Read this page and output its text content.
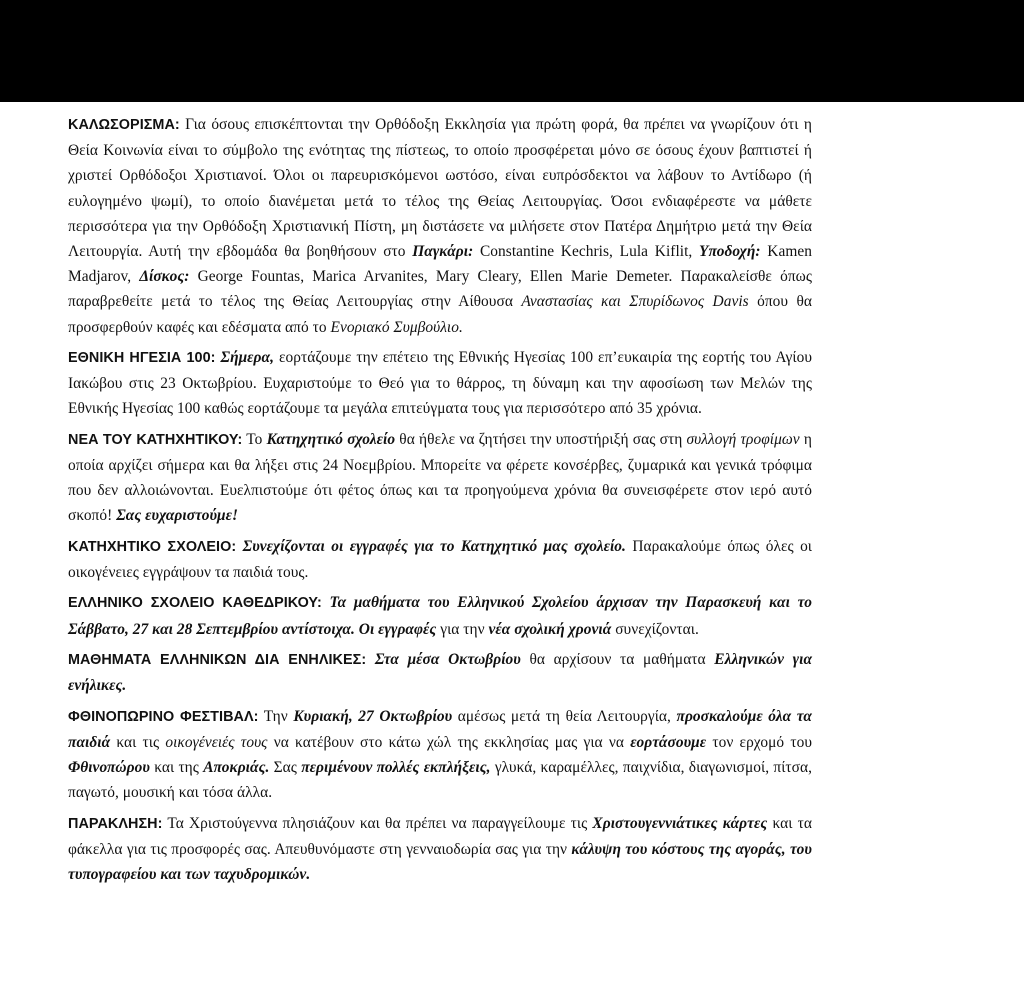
ΚΑΛΩΣΟΡΙΣΜΑ: Για όσους επισκέπτονται την Ορθόδοξη Εκκλησία για πρώτη φορά, θα πρέπει να γνωρίζουν ότι η Θεία Κοινωνία είναι το σύμβολο της ενότητας της πίστεως, το οποίο προσφέρεται μόνο σε όσους έχουν βαπτιστεί ή χριστεί Ορθόδοξοι Χριστιανοί. Όλοι οι παρευρισκόμενοι ωστόσο, είναι ευπρόσδεκτοι να λάβουν το Αντίδωρο (ή ευλογημένο ψωμί), το οποίο διανέμεται μετά το τέλος της Θείας Λειτουργίας. Όσοι ενδιαφέρεστε να μάθετε περισσότερα για την Ορθόδοξη Χριστιανική Πίστη, μη διστάσετε να μιλήσετε στον Πατέρα Δημήτριο μετά την Θεία Λειτουργία. Αυτή την εβδομάδα θα βοηθήσουν στο Παγκάρι: Constantine Kechris, Lula Kiflit, Υποδοχή: Kamen Madjarov, Δίσκος: George Fountas, Marica Arvanites, Mary Cleary, Ellen Marie Demeter. Παρακαλείσθε όπως παραβρεθείτε μετά το τέλος της Θείας Λειτουργίας στην Αίθουσα Αναστασίας και Σπυρίδωνος Davis όπου θα προσφερθούν καφές και εδέσματα από το Ενοριακό Συμβούλιο.

ΕΘΝΙΚΗ ΗΓΕΣΙΑ 100: Σήμερα, εορτάζουμε την επέτειο της Εθνικής Ηγεσίας 100 επ’ευκαιρία της εορτής του Αγίου Ιακώβου στις 23 Οκτωβρίου. Ευχαριστούμε το Θεό για το θάρρος, τη δύναμη και την αφοσίωση των Μελών της Εθνικής Ηγεσίας 100 καθώς εορτάζουμε τα μεγάλα επιτεύγματα τους για περισσότερο από 35 χρόνια.

ΝΕΑ ΤΟΥ ΚΑΤΗΧΗΤΙΚΟΥ: Το Κατηχητικό σχολείο θα ήθελε να ζητήσει την υποστήριξή σας στη συλλογή τροφίμων η οποία αρχίζει σήμερα και θα λήξει στις 24 Νοεμβρίου. Μπορείτε να φέρετε κονσέρβες, ζυμαρικά και γενικά τρόφιμα που δεν αλλοιώνονται. Ευελπιστούμε ότι φέτος όπως και τα προηγούμενα χρόνια θα συνεισφέρετε στον ιερό αυτό σκοπό! Σας ευχαριστούμε!

ΚΑΤΗΧΗΤΙΚΟ ΣΧΟΛΕΙΟ: Συνεχίζονται οι εγγραφές για το Κατηχητικό μας σχολείο. Παρακαλούμε όπως όλες οι οικογένειες εγγράψουν τα παιδιά τους.

ΕΛΛΗΝΙΚΟ ΣΧΟΛΕΙΟ ΚΑΘΕΔΡΙΚΟΥ: Τα μαθήματα του Ελληνικού Σχολείου άρχισαν την Παρασκευή και το Σάββατο, 27 και 28 Σεπτεμβρίου αντίστοιχα. Οι εγγραφές για την νέα σχολική χρονιά συνεχίζονται.

ΜΑΘΗΜΑΤΑ ΕΛΛΗΝΙΚΩΝ ΔΙΑ ΕΝΗΛΙΚΕΣ: Στα μέσα Οκτωβρίου θα αρχίσουν τα μαθήματα Ελληνικών για ενήλικες.

ΦΘΙΝΟΠΩΡΙΝΟ ΦΕΣΤΙΒΑΛ: Την Κυριακή, 27 Οκτωβρίου αμέσως μετά τη θεία Λειτουργία, προσκαλούμε όλα τα παιδιά και τις οικογένειές τους να κατέβουν στο κάτω χώλ της εκκλησίας μας για να εορτάσουμε τον ερχομό του Φθινοπώρου και της Αποκριάς. Σας περιμένουν πολλές εκπλήξεις, γλυκά, καραμέλλες, παιχνίδια, διαγωνισμοί, πίτσα, παγωτό, μουσική και τόσα άλλα.

ΠΑΡΑΚΛΗΣΗ: Τα Χριστούγεννα πλησιάζουν και θα πρέπει να παραγγείλουμε τις Χριστουγεννιάτικες κάρτες και τα φάκελλα για τις προσφορές σας. Απευθυνόμαστε στη γενναιοδωρία σας για την κάλυψη του κόστους της αγοράς, του τυπογραφείου και των ταχυδρομικών.
